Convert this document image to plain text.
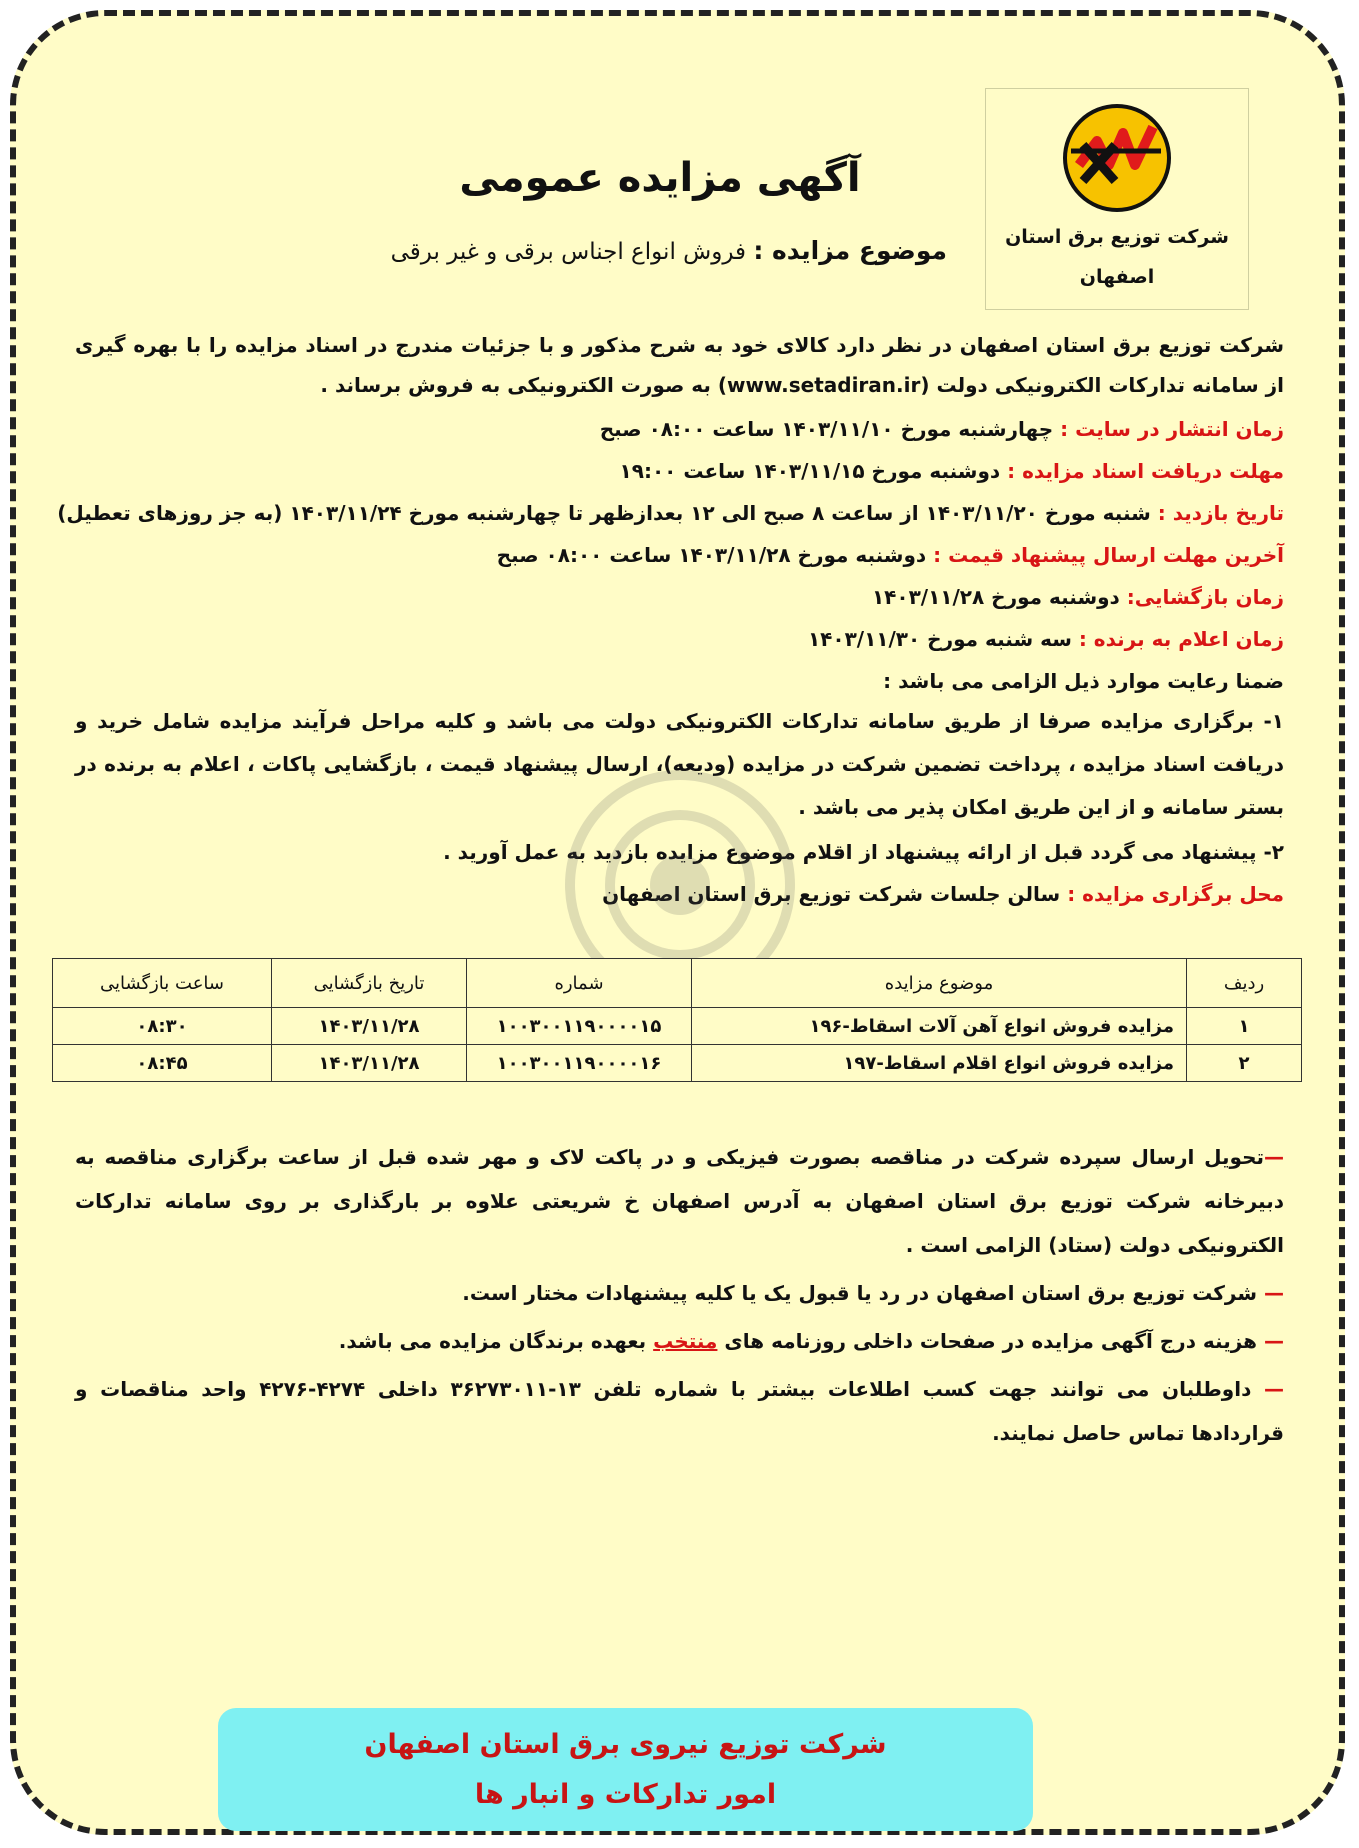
شرکت توزیع برق استان اصفهان
آگهی مزایده عمومی
موضوع مزایده : فروش انواع اجناس برقی و غیر برقی
شرکت توزیع برق استان اصفهان در نظر دارد کالای خود به شرح مذکور و با جزئیات مندرج در اسناد مزایده را با بهره گیری از سامانه تدارکات الکترونیکی دولت (www.setadiran.ir) به صورت الکترونیکی به فروش برساند .
زمان انتشار در سایت : چهارشنبه مورخ ۱۴۰۳/۱۱/۱۰ ساعت ۰۸:۰۰ صبح
مهلت دریافت اسناد مزایده : دوشنبه مورخ ۱۴۰۳/۱۱/۱۵ ساعت ۱۹:۰۰
تاریخ بازدید : شنبه مورخ ۱۴۰۳/۱۱/۲۰ از ساعت ۸ صبح الی ۱۲ بعدازظهر تا چهارشنبه مورخ ۱۴۰۳/۱۱/۲۴ (به جز روزهای تعطیل)
آخرین مهلت ارسال پیشنهاد قیمت : دوشنبه مورخ ۱۴۰۳/۱۱/۲۸ ساعت ۰۸:۰۰ صبح
زمان بازگشایی: دوشنبه مورخ ۱۴۰۳/۱۱/۲۸
زمان اعلام به برنده : سه شنبه مورخ ۱۴۰۳/۱۱/۳۰
ضمنا رعایت موارد ذیل الزامی می باشد :
۱- برگزاری مزایده صرفا از طریق سامانه تدارکات الکترونیکی دولت می باشد و کلیه مراحل فرآیند مزایده شامل خرید و دریافت اسناد مزایده ، پرداخت تضمین شرکت در مزایده (ودیعه)، ارسال پیشنهاد قیمت ، بازگشایی پاکات ، اعلام به برنده در بستر سامانه و از این طریق امکان پذیر می باشد .
۲- پیشنهاد می گردد قبل از ارائه پیشنهاد از اقلام موضوع مزایده بازدید به عمل آورید .
محل برگزاری مزایده : سالن جلسات شرکت توزیع برق استان اصفهان
ردیف	موضوع مزایده	شماره	تاریخ بازگشایی	ساعت بازگشایی
۱	مزایده فروش انواع آهن آلات اسقاط-۱۹۶	۱۰۰۳۰۰۱۱۹۰۰۰۰۱۵	۱۴۰۳/۱۱/۲۸	۰۸:۳۰
۲	مزایده فروش انواع اقلام اسقاط-۱۹۷	۱۰۰۳۰۰۱۱۹۰۰۰۰۱۶	۱۴۰۳/۱۱/۲۸	۰۸:۴۵
—تحویل ارسال سپرده شرکت در مناقصه بصورت فیزیکی و در پاکت لاک و مهر شده قبل از ساعت برگزاری مناقصه به دبیرخانه شرکت توزیع برق استان اصفهان به آدرس اصفهان خ شریعتی علاوه بر بارگذاری بر روی سامانه تدارکات الکترونیکی دولت (ستاد) الزامی است .
— شرکت توزیع برق استان اصفهان در رد یا قبول یک یا کلیه پیشنهادات مختار است.
— هزینه درج آگهی مزایده در صفحات داخلی روزنامه های منتخب بعهده برندگان مزایده می باشد.
— داوطلبان می توانند جهت کسب اطلاعات بیشتر با شماره تلفن ۱۳-۳۶۲۷۳۰۱۱ داخلی ۴۲۷۴-۴۲۷۶ واحد مناقصات و قراردادها تماس حاصل نمایند.
شرکت توزیع نیروی برق استان اصفهان
امور تدارکات و انبار ها
